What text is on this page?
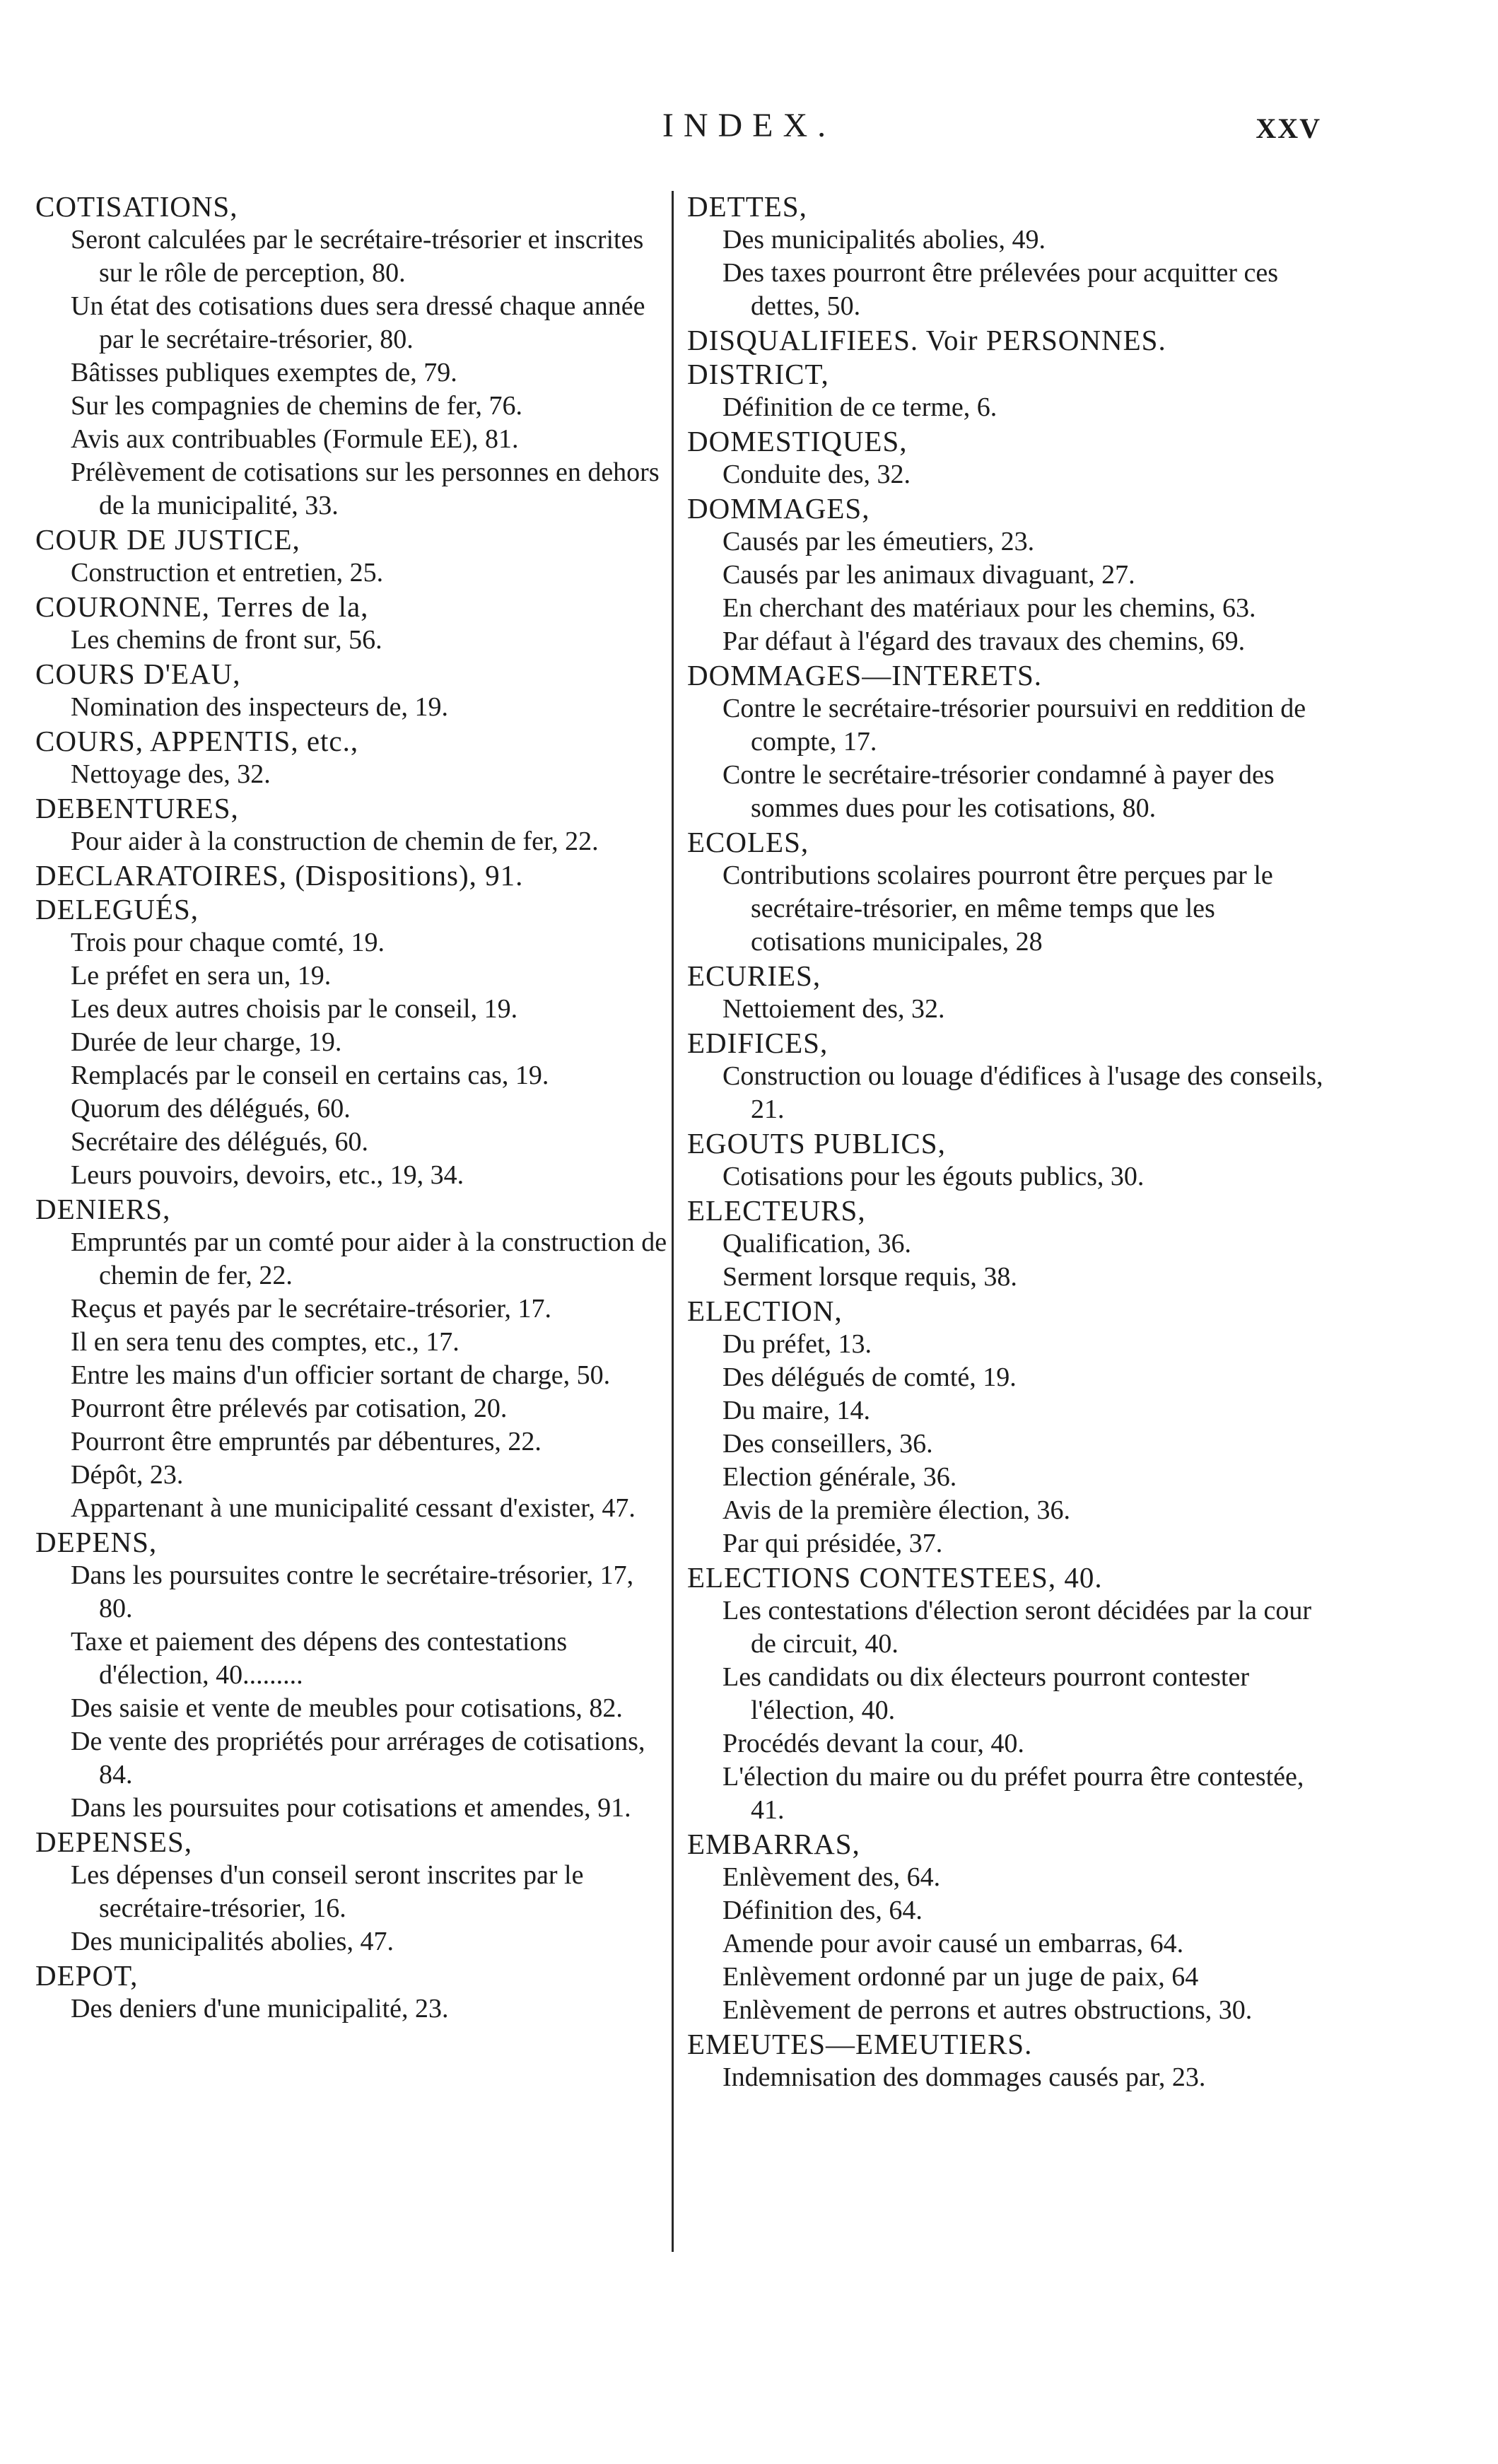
INDEX.	XXV
COTISATIONS,
Seront calculées par le secrétaire-trésorier et inscrites sur le rôle de perception, 80.
Un état des cotisations dues sera dressé chaque année par le secrétaire-trésorier, 80.
Bâtisses publiques exemptes de, 79.
Sur les compagnies de chemins de fer, 76.
Avis aux contribuables (Formule EE), 81.
Prélèvement de cotisations sur les personnes en dehors de la municipalité, 33.
COUR DE JUSTICE,
Construction et entretien, 25.
COURONNE, Terres de la,
Les chemins de front sur, 56.
COURS D'EAU,
Nomination des inspecteurs de, 19.
COURS, APPENTIS, etc.,
Nettoyage des, 32.
DEBENTURES,
Pour aider à la construction de chemin de fer, 22.
DECLARATOIRES, (Dispositions), 91.
DELEGUÉS,
Trois pour chaque comté, 19.
Le préfet en sera un, 19.
Les deux autres choisis par le conseil, 19.
Durée de leur charge, 19.
Remplacés par le conseil en certains cas, 19.
Quorum des délégués, 60.
Secrétaire des délégués, 60.
Leurs pouvoirs, devoirs, etc., 19, 34.
DENIERS,
Empruntés par un comté pour aider à la construction de chemin de fer, 22.
Reçus et payés par le secrétaire-trésorier, 17.
Il en sera tenu des comptes, etc., 17.
Entre les mains d'un officier sortant de charge, 50.
Pourront être prélevés par cotisation, 20.
Pourront être empruntés par débentures, 22.
Dépôt, 23.
Appartenant à une municipalité cessant d'exister, 47.
DEPENS,
Dans les poursuites contre le secrétaire-trésorier, 17, 80.
Taxe et paiement des dépens des contestations d'élection, 40.........
Des saisie et vente de meubles pour cotisations, 82.
De vente des propriétés pour arrérages de cotisations, 84.
Dans les poursuites pour cotisations et amendes, 91.
DEPENSES,
Les dépenses d'un conseil seront inscrites par le secrétaire-trésorier, 16.
Des municipalités abolies, 47.
DEPOT,
Des deniers d'une municipalité, 23.
DETTES,
Des municipalités abolies, 49.
Des taxes pourront être prélevées pour acquitter ces dettes, 50.
DISQUALIFIEES. Voir PERSONNES.
DISTRICT,
Définition de ce terme, 6.
DOMESTIQUES,
Conduite des, 32.
DOMMAGES,
Causés par les émeutiers, 23.
Causés par les animaux divaguant, 27.
En cherchant des matériaux pour les chemins, 63.
Par défaut à l'égard des travaux des chemins, 69.
DOMMAGES—INTERETS.
Contre le secrétaire-trésorier poursuivi en reddition de compte, 17.
Contre le secrétaire-trésorier condamné à payer des sommes dues pour les cotisations, 80.
ECOLES,
Contributions scolaires pourront être perçues par le secrétaire-trésorier, en même temps que les cotisations municipales, 28
ECURIES,
Nettoiement des, 32.
EDIFICES,
Construction ou louage d'édifices à l'usage des conseils, 21.
EGOUTS PUBLICS,
Cotisations pour les égouts publics, 30.
ELECTEURS,
Qualification, 36.
Serment lorsque requis, 38.
ELECTION,
Du préfet, 13.
Des délégués de comté, 19.
Du maire, 14.
Des conseillers, 36.
Election générale, 36.
Avis de la première élection, 36.
Par qui présidée, 37.
ELECTIONS CONTESTEES, 40.
Les contestations d'élection seront décidées par la cour de circuit, 40.
Les candidats ou dix électeurs pourront contester l'élection, 40.
Procédés devant la cour, 40.
L'élection du maire ou du préfet pourra être contestée, 41.
EMBARRAS,
Enlèvement des, 64.
Définition des, 64.
Amende pour avoir causé un embarras, 64.
Enlèvement ordonné par un juge de paix, 64
Enlèvement de perrons et autres obstructions, 30.
EMEUTES—EMEUTIERS.
Indemnisation des dommages causés par, 23.
